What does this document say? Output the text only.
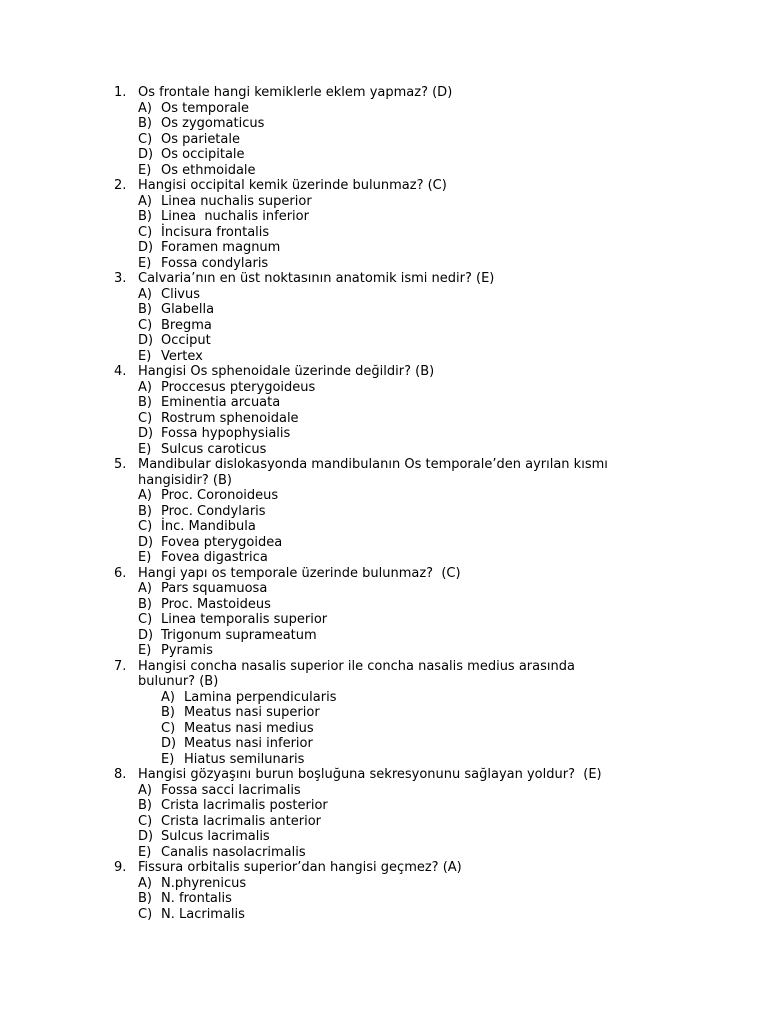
1. Os frontale hangi kemiklerle eklem yapmaz? (D)
A) Os temporale
B) Os zygomaticus
C) Os parietale
D) Os occipitale
E) Os ethmoidale
2. Hangisi occipital kemik üzerinde bulunmaz? (C)
A) Linea nuchalis superior
B) Linea  nuchalis inferior
C) İncisura frontalis
D) Foramen magnum
E) Fossa condylaris
3. Calvaria’nın en üst noktasının anatomik ismi nedir? (E)
A) Clivus
B) Glabella
C) Bregma
D) Occiput
E) Vertex
4. Hangisi Os sphenoidale üzerinde değildir? (B)
A) Proccesus pterygoideus
B) Eminentia arcuata
C) Rostrum sphenoidale
D) Fossa hypophysialis
E) Sulcus caroticus
5. Mandibular dislokasyonda mandibulanın Os temporale’den ayrılan kısmı
hangisidir? (B)
A) Proc. Coronoideus
B) Proc. Condylaris
C) İnc. Mandibula
D) Fovea pterygoidea
E) Fovea digastrica
6. Hangi yapı os temporale üzerinde bulunmaz?  (C)
A) Pars squamuosa
B) Proc. Mastoideus
C) Linea temporalis superior
D) Trigonum suprameatum
E) Pyramis
7. Hangisi concha nasalis superior ile concha nasalis medius arasında
bulunur? (B)
A) Lamina perpendicularis
B) Meatus nasi superior
C) Meatus nasi medius
D) Meatus nasi inferior
E) Hiatus semilunaris
8. Hangisi gözyaşını burun boşluğuna sekresyonunu sağlayan yoldur?  (E)
A) Fossa sacci lacrimalis
B) Crista lacrimalis posterior
C) Crista lacrimalis anterior
D) Sulcus lacrimalis
E) Canalis nasolacrimalis
9. Fissura orbitalis superior’dan hangisi geçmez? (A)
A) N.phyrenicus
B) N. frontalis
C) N. Lacrimalis
